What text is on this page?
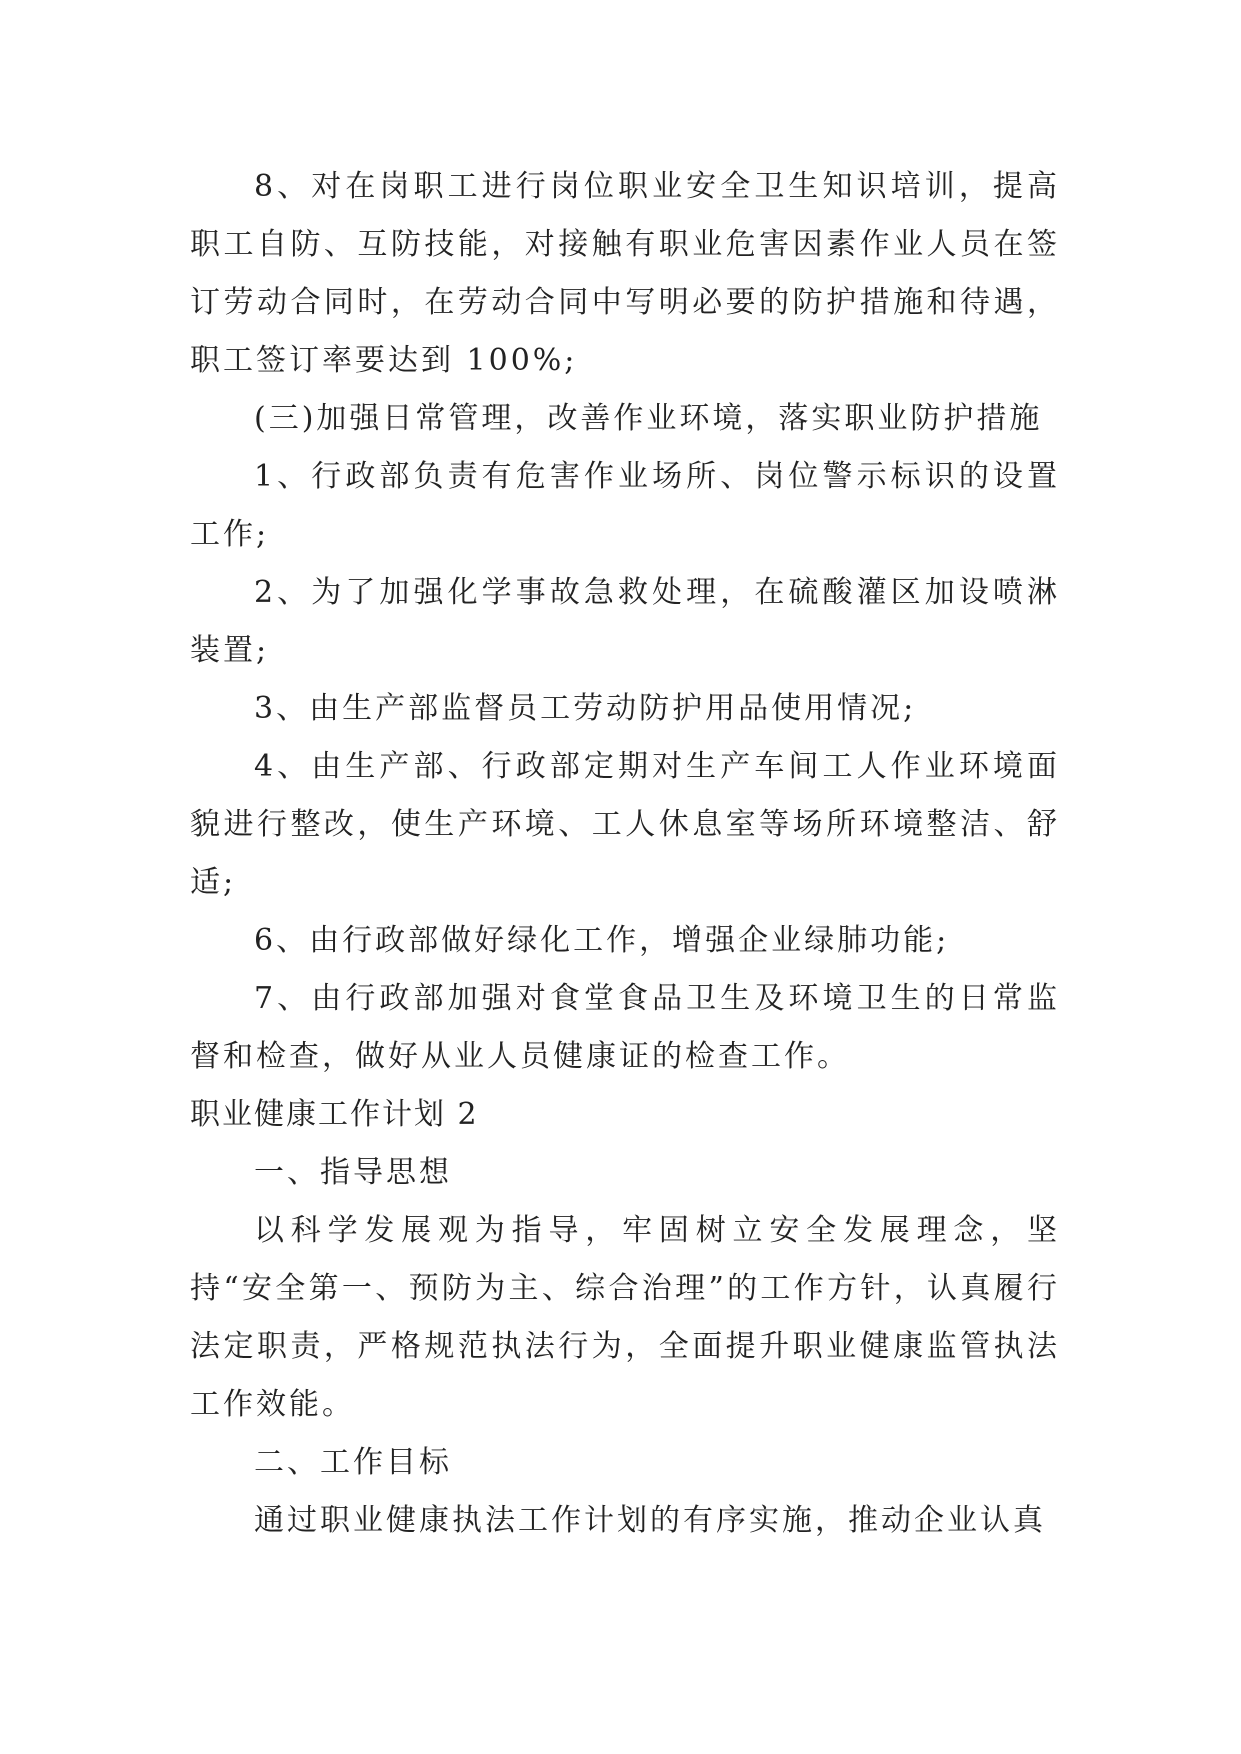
8、对在岗职工进行岗位职业安全卫生知识培训，提高职工自防、互防技能，对接触有职业危害因素作业人员在签订劳动合同时，在劳动合同中写明必要的防护措施和待遇，职工签订率要达到 100%;

(三)加强日常管理，改善作业环境，落实职业防护措施

1、行政部负责有危害作业场所、岗位警示标识的设置工作;

2、为了加强化学事故急救处理，在硫酸灌区加设喷淋装置;

3、由生产部监督员工劳动防护用品使用情况;

4、由生产部、行政部定期对生产车间工人作业环境面貌进行整改，使生产环境、工人休息室等场所环境整洁、舒适;

6、由行政部做好绿化工作，增强企业绿肺功能;

7、由行政部加强对食堂食品卫生及环境卫生的日常监督和检查，做好从业人员健康证的检查工作。

职业健康工作计划 2

一、指导思想

以科学发展观为指导，牢固树立安全发展理念，坚持“安全第一、预防为主、综合治理”的工作方针，认真履行法定职责，严格规范执法行为，全面提升职业健康监管执法工作效能。

二、工作目标

通过职业健康执法工作计划的有序实施，推动企业认真
